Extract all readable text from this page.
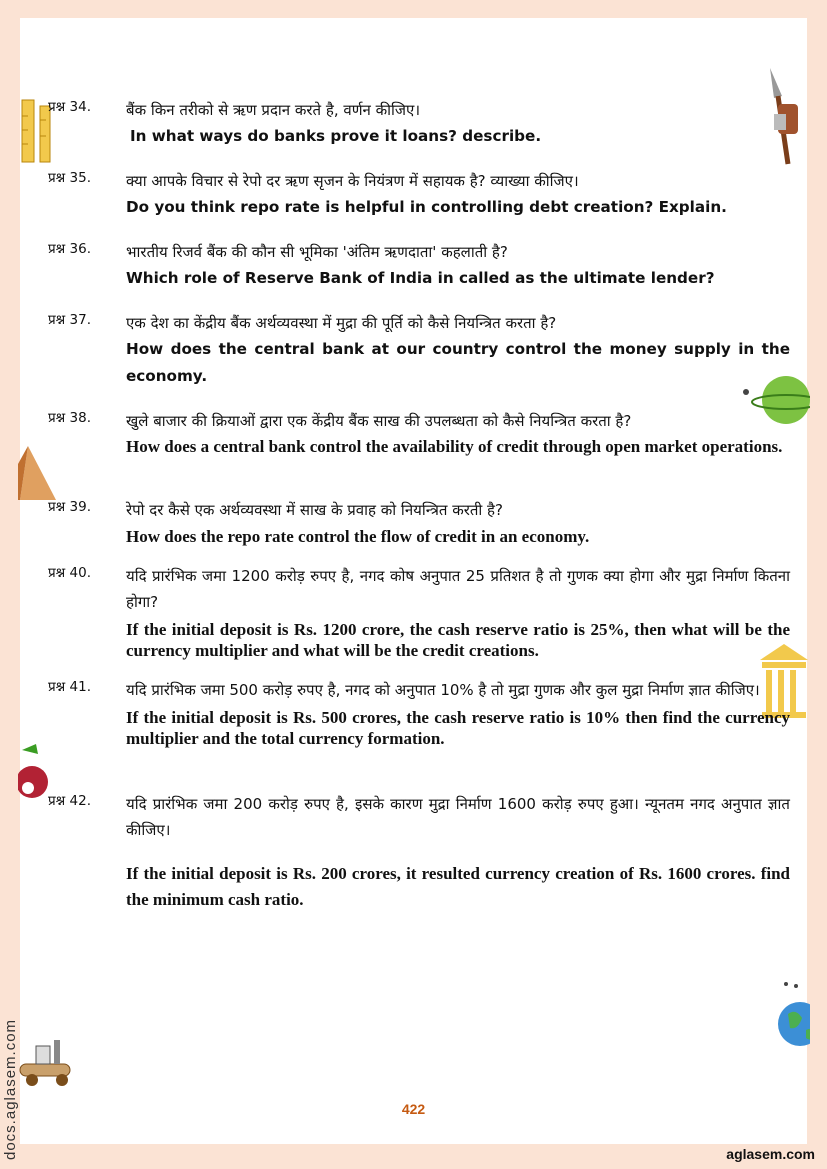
प्रश्न 34.	बैंक किन तरीको से ऋण प्रदान करते है, वर्णन कीजिए।
In what ways do banks prove it loans? describe.
प्रश्न 35.	क्या आपके विचार से रेपो दर ऋण सृजन के नियंत्रण में सहायक है? व्याख्या कीजिए।
Do you think repo rate is helpful in controlling debt creation? Explain.
प्रश्न 36.	भारतीय रिजर्व बैंक की कौन सी भूमिका 'अंतिम ऋणदाता' कहलाती है?
Which role of Reserve Bank of India in called as the ultimate lender?
प्रश्न 37.	एक देश का केंद्रीय बैंक अर्थव्यवस्था में मुद्रा की पूर्ति को कैसे नियन्त्रित करता है?
How does the central bank at our country control the money supply in the economy.
प्रश्न 38.	खुले बाजार की क्रियाओं द्वारा एक केंद्रीय बैंक साख की उपलब्धता को कैसे नियन्त्रित करता है?
How does a central bank control the availability of credit through open market operations.
प्रश्न 39.	रेपो दर कैसे एक अर्थव्यवस्था में साख के प्रवाह को नियन्त्रित करती है?
How does the repo rate control the flow of credit in an economy.
प्रश्न 40.	यदि प्रारंभिक जमा 1200 करोड़ रुपए है, नगद कोष अनुपात 25 प्रतिशत है तो गुणक क्या होगा और मुद्रा निर्माण कितना होगा?
If the initial deposit is Rs. 1200 crore, the cash reserve ratio is 25%, then what will be the currency multiplier and what will be the credit creations.
प्रश्न 41.	यदि प्रारंभिक जमा 500 करोड़ रुपए है, नगद को अनुपात 10% है तो मुद्रा गुणक और कुल मुद्रा निर्माण ज्ञात कीजिए।
If the initial deposit is Rs. 500 crores, the cash reserve ratio is 10% then find the currency multiplier and the total currency formation.
प्रश्न 42.	यदि प्रारंभिक जमा 200 करोड़ रुपए है, इसके कारण मुद्रा निर्माण 1600 करोड़ रुपए हुआ। न्यूनतम नगद अनुपात ज्ञात कीजिए।
If the initial deposit is Rs. 200 crores, it resulted currency creation of Rs. 1600 crores. find the minimum cash ratio.
422
aglasem.com
docs.aglasem.com
